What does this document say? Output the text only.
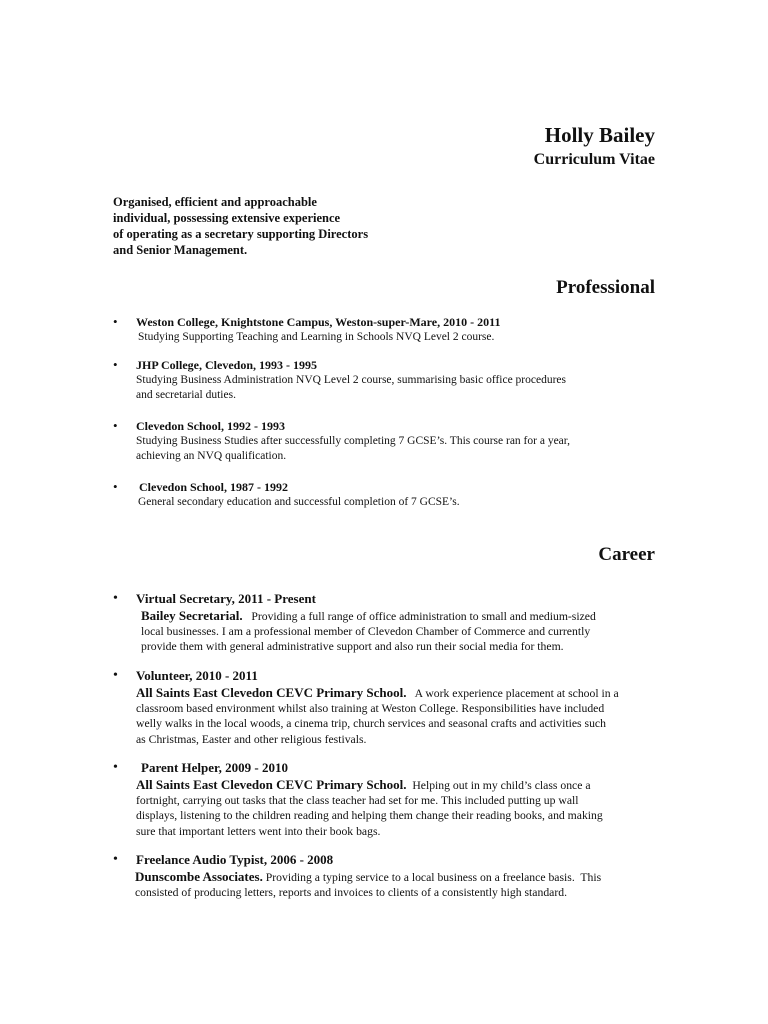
Holly Bailey
Curriculum Vitae
Organised, efficient and approachable
individual, possessing extensive experience
of operating as a secretary supporting Directors
and Senior Management.
Professional
• Weston College, Knightstone Campus, Weston-super-Mare, 2010 - 2011
Studying Supporting Teaching and Learning in Schools NVQ Level 2 course.
• JHP College, Clevedon, 1993 - 1995
Studying Business Administration NVQ Level 2 course, summarising basic office procedures
and secretarial duties.
• Clevedon School, 1992 - 1993
Studying Business Studies after successfully completing 7 GCSE’s. This course ran for a year,
achieving an NVQ qualification.
• Clevedon School, 1987 - 1992
General secondary education and successful completion of 7 GCSE’s.
Career
• Virtual Secretary, 2011 - Present
Bailey Secretarial.   Providing a full range of office administration to small and medium-sized
local businesses. I am a professional member of Clevedon Chamber of Commerce and currently
provide them with general administrative support and also run their social media for them.
• Volunteer, 2010 - 2011
All Saints East Clevedon CEVC Primary School.   A work experience placement at school in a
classroom based environment whilst also training at Weston College. Responsibilities have included
welly walks in the local woods, a cinema trip, church services and seasonal crafts and activities such
as Christmas, Easter and other religious festivals.
• Parent Helper, 2009 - 2010
All Saints East Clevedon CEVC Primary School.  Helping out in my child’s class once a
fortnight, carrying out tasks that the class teacher had set for me. This included putting up wall
displays, listening to the children reading and helping them change their reading books, and making
sure that important letters went into their book bags.
• Freelance Audio Typist, 2006 - 2008
Dunscombe Associates. Providing a typing service to a local business on a freelance basis.  This
consisted of producing letters, reports and invoices to clients of a consistently high standard.
